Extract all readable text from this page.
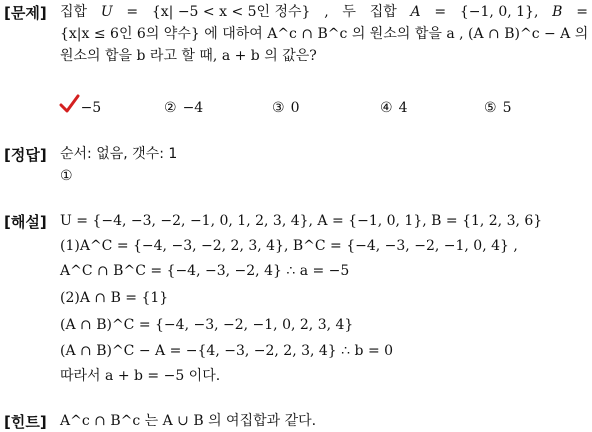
[문제] 집합 U = {x| −5 < x < 5인 정수} , 두 집합 A = {−1, 0, 1}, B =
{x|x ≤ 6인 6의 약수} 에 대하여 A^c ∩ B^c 의 원소의 합을 a , (A ∩ B)^c − A 의
원소의 합을 b 라고 할 때, a + b 의 값은?
−5	② −4	③ 0	④ 4	⑤ 5
[정답] 순서: 없음, 갯수: 1
①
[해설] U = {−4, −3, −2, −1, 0, 1, 2, 3, 4}, A = {−1, 0, 1}, B = {1, 2, 3, 6}
(1)A^C = {−4, −3, −2, 2, 3, 4}, B^C = {−4, −3, −2, −1, 0, 4} ,
A^C ∩ B^C = {−4, −3, −2, 4} ∴ a = −5
(2)A ∩ B = {1}
(A ∩ B)^C = {−4, −3, −2, −1, 0, 2, 3, 4}
(A ∩ B)^C − A = −{4, −3, −2, 2, 3, 4} ∴ b = 0
따라서 a + b = −5 이다.
[힌트] A^c ∩ B^c 는 A ∪ B 의 여집합과 같다.
